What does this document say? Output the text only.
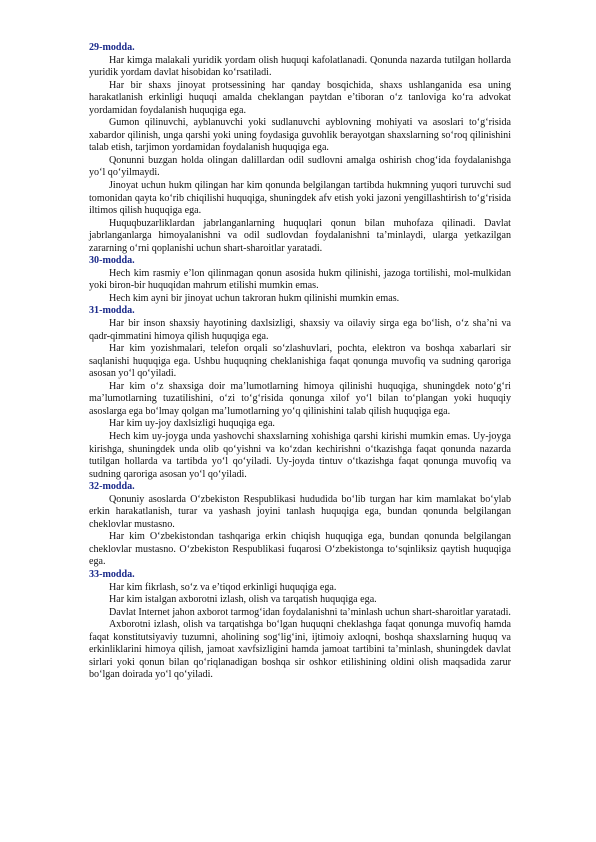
29-modda.

Har kimga malakali yuridik yordam olish huquqi kafolatlanadi. Qonunda nazarda tutilgan hollarda yuridik yordam davlat hisobidan ko‘rsatiladi.

Har bir shaxs jinoyat protsessining har qanday bosqichida, shaxs ushlanganida esa uning harakatlanish erkinligi huquqi amalda cheklangan paytdan e’tiboran o‘z tanloviga ko‘ra advokat yordamidan foydalanish huquqiga ega.

Gumon qilinuvchi, ayblanuvchi yoki sudlanuvchi ayblovning mohiyati va asoslari to‘g‘risida xabardor qilinish, unga qarshi yoki uning foydasiga guvohlik berayotgan shaxslarning so‘roq qilinishini talab etish, tarjimon yordamidan foydalanish huquqiga ega.

Qonunni buzgan holda olingan dalillardan odil sudlovni amalga oshirish chog‘ida foydalanishga yo‘l qo‘yilmaydi.

Jinoyat uchun hukm qilingan har kim qonunda belgilangan tartibda hukmning yuqori turuvchi sud tomonidan qayta ko‘rib chiqilishi huquqiga, shuningdek afv etish yoki jazoni yengillashtirish to‘g‘risida iltimos qilish huquqiga ega.

Huquqbuzarliklardan jabrlanganlarning huquqlari qonun bilan muhofaza qilinadi. Davlat jabrlanganlarga himoyalanishni va odil sudlovdan foydalanishni ta’minlaydi, ularga yetkazilgan zararning o‘rni qoplanishi uchun shart-sharoitlar yaratadi.

30-modda.

Hech kim rasmiy e’lon qilinmagan qonun asosida hukm qilinishi, jazoga tortilishi, mol-mulkidan yoki biron-bir huquqidan mahrum etilishi mumkin emas.

Hech kim ayni bir jinoyat uchun takroran hukm qilinishi mumkin emas.

31-modda.

Har bir inson shaxsiy hayotining daxlsizligi, shaxsiy va oilaviy sirga ega bo‘lish, o‘z sha’ni va qadr-qimmatini himoya qilish huquqiga ega.

Har kim yozishmalari, telefon orqali so‘zlashuvlari, pochta, elektron va boshqa xabarlari sir saqlanishi huquqiga ega. Ushbu huquqning cheklanishiga faqat qonunga muvofiq va sudning qaroriga asosan yo‘l qo‘yiladi.

Har kim o‘z shaxsiga doir ma’lumotlarning himoya qilinishi huquqiga, shuningdek noto‘g‘ri ma’lumotlarning tuzatilishini, o‘zi to‘g‘risida qonunga xilof yo‘l bilan to‘plangan yoki huquqiy asoslarga ega bo‘lmay qolgan ma’lumotlarning yo‘q qilinishini talab qilish huquqiga ega.

Har kim uy-joy daxlsizligi huquqiga ega.

Hech kim uy-joyga unda yashovchi shaxslarning xohishiga qarshi kirishi mumkin emas. Uy-joyga kirishga, shuningdek unda olib qo‘yishni va ko‘zdan kechirishni o‘tkazishga faqat qonunda nazarda tutilgan hollarda va tartibda yo‘l qo‘yiladi. Uy-joyda tintuv o‘tkazishga faqat qonunga muvofiq va sudning qaroriga asosan yo‘l qo‘yiladi.

32-modda.

Qonuniy asoslarda O‘zbekiston Respublikasi hududida bo‘lib turgan har kim mamlakat bo‘ylab erkin harakatlanish, turar va yashash joyini tanlash huquqiga ega, bundan qonunda belgilangan cheklovlar mustasno.

Har kim O‘zbekistondan tashqariga erkin chiqish huquqiga ega, bundan qonunda belgilangan cheklovlar mustasno. O‘zbekiston Respublikasi fuqarosi O‘zbekistonga to‘sqinliksiz qaytish huquqiga ega.

33-modda.

Har kim fikrlash, so‘z va e’tiqod erkinligi huquqiga ega.

Har kim istalgan axborotni izlash, olish va tarqatish huquqiga ega.

Davlat Internet jahon axborot tarmog‘idan foydalanishni ta’minlash uchun shart-sharoitlar yaratadi.

Axborotni izlash, olish va tarqatishga bo‘lgan huquqni cheklashga faqat qonunga muvofiq hamda faqat konstitutsiyaviy tuzumni, aholining sog‘lig‘ini, ijtimoiy axloqni, boshqa shaxslarning huquq va erkinliklarini himoya qilish, jamoat xavfsizligini hamda jamoat tartibini ta’minlash, shuningdek davlat sirlari yoki qonun bilan qo‘riqlanadigan boshqa sir oshkor etilishining oldini olish maqsadida zarur bo‘lgan doirada yo‘l qo‘yiladi.
